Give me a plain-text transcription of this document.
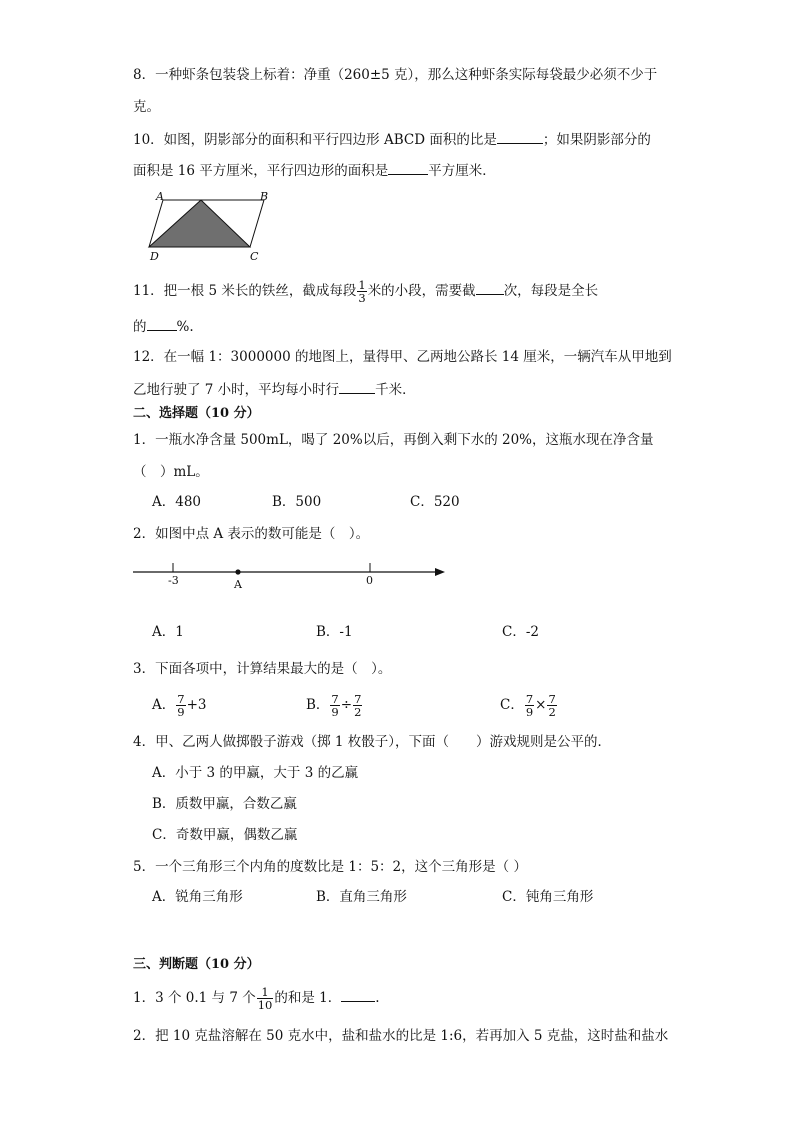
8．一种虾条包装袋上标着：净重（260±5 克），那么这种虾条实际每袋最少必须不少于
克。
10．如图，阴影部分的面积和平行四边形 ABCD 面积的比是	；如果阴影部分的
面积是 16 平方厘米，平行四边形的面积是	平方厘米．
A	B
C
D
11．把一根 5 米长的铁丝，截成每段 $\frac{1}{3}$ 米的小段，需要截 次，每段是全长
的 %.
12．在一幅 1：3000000 的地图上，量得甲、乙两地公路长 14 厘米，一辆汽车从甲地到
乙地行驶了 7 小时，平均每小时行	千米．
二、选择题（10 分）
1．一瓶水净含量 500mL，喝了 20%以后，再倒入剩下水的 20%，这瓶水现在净含量
（　）mL。
A．480	B．500	C．520
2．如图中点 A 表示的数可能是（　）。
-3	0
A
A．1	B．-1	C．-2
3．下面各项中，计算结果最大的是（　）。
A． $\frac{7}{9} +3$	B． $\frac{7}{9} \div \frac{7}{2}$	C． $\frac{7}{9} \times \frac{7}{2}$
4．甲、乙两人做掷骰子游戏（掷 1 枚骰子），下面（　　）游戏规则是公平的．
A．小于 3 的甲赢，大于 3 的乙赢
B．质数甲赢，合数乙赢
C．奇数甲赢，偶数乙赢
5．一个三角形三个内角的度数比是 1：5：2，这个三角形是（ ）
A．锐角三角形	B．直角三角形	C．钝角三角形
三、判断题（10 分）
1．3 个 0.1 与 7 个 $\frac{1}{10}$ 的和是 1．	.
2．把 10 克盐溶解在 50 克水中，盐和盐水的比是 1:6，若再加入 5 克盐，这时盐和盐水
